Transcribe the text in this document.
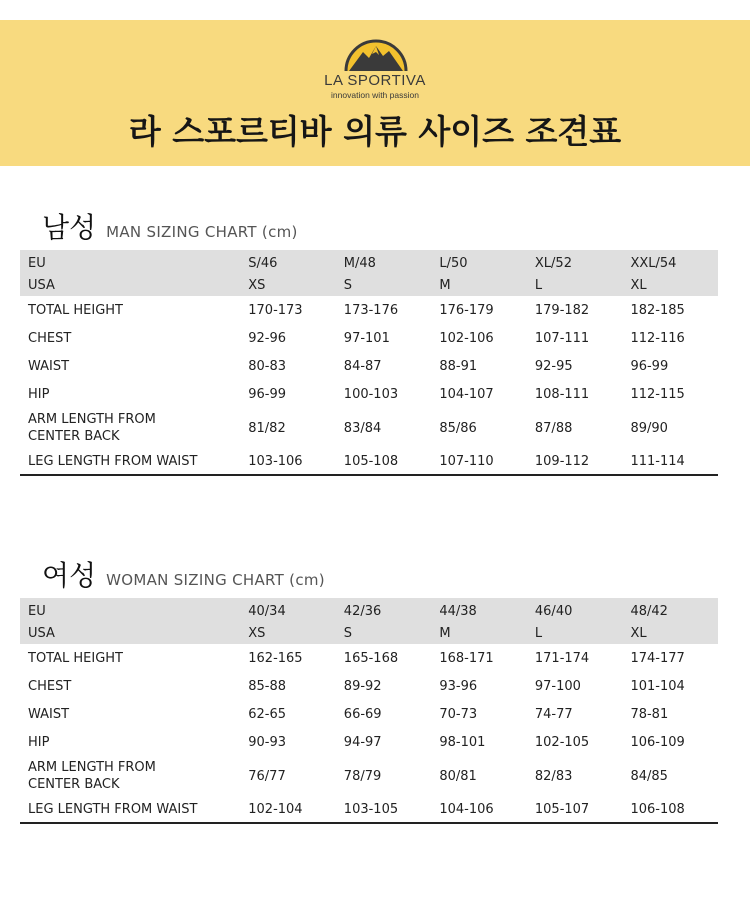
LA SPORTIVA
innovation with passion
라 스포르티바 의류 사이즈 조견표
남성 MAN SIZING CHART (cm)
EU	S/46	M/48	L/50	XL/52	XXL/54
USA	XS	S	M	L	XL
TOTAL HEIGHT	170-173	173-176	176-179	179-182	182-185
CHEST	92-96	97-101	102-106	107-111	112-116
WAIST	80-83	84-87	88-91	92-95	96-99
HIP	96-99	100-103	104-107	108-111	112-115
ARM LENGTH FROM
CENTER BACK	81/82	83/84	85/86	87/88	89/90
LEG LENGTH FROM WAIST	103-106	105-108	107-110	109-112	111-114
여성 WOMAN SIZING CHART (cm)
EU	40/34	42/36	44/38	46/40	48/42
USA	XS	S	M	L	XL
TOTAL HEIGHT	162-165	165-168	168-171	171-174	174-177
CHEST	85-88	89-92	93-96	97-100	101-104
WAIST	62-65	66-69	70-73	74-77	78-81
HIP	90-93	94-97	98-101	102-105	106-109
ARM LENGTH FROM
CENTER BACK	76/77	78/79	80/81	82/83	84/85
LEG LENGTH FROM WAIST	102-104	103-105	104-106	105-107	106-108
